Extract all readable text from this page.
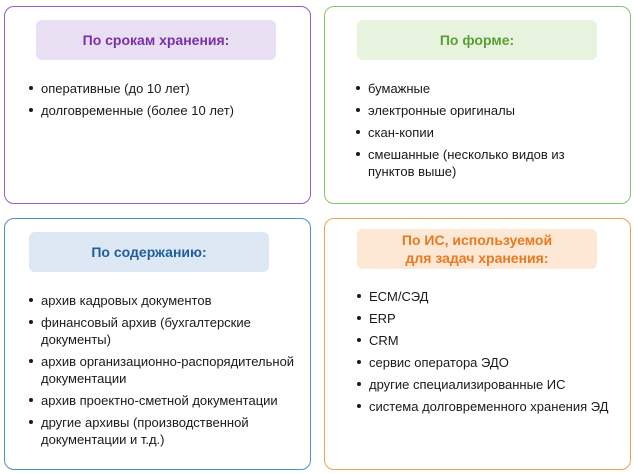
По срокам хранения:
оперативные (до 10 лет)
долговременные (более 10 лет)
По форме:
бумажные
электронные оригиналы
скан-копии
смешанные (несколько видов из пунктов выше)
По содержанию:
архив кадровых документов
финансовый архив (бухгалтерские документы)
архив организационно-распорядительной документации
архив проектно-сметной документации
другие архивы (производственной документации и т.д.)
По ИС, используемой
для задач хранения:
ECM/СЭД
ERP
CRM
сервис оператора ЭДО
другие специализированные ИС
система долговременного хранения ЭД
